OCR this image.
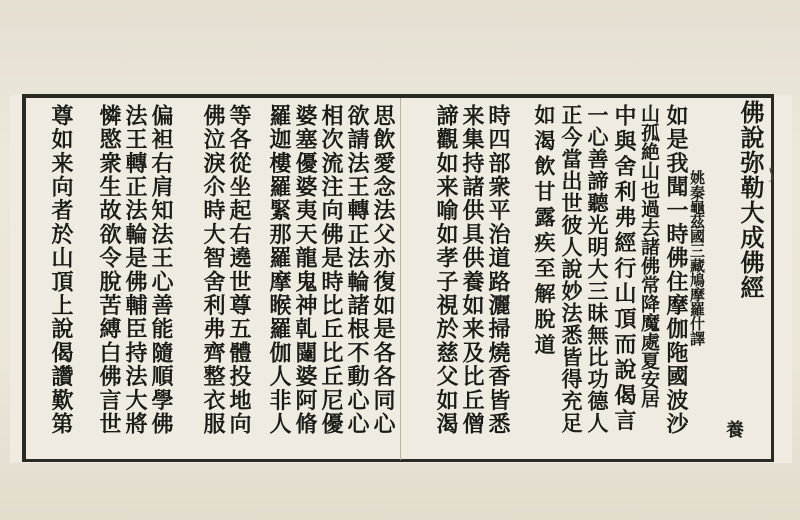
佛說弥勒大成佛經
姚秦龜茲國三藏鳩摩羅什譯
養
⟆
如是我聞一時佛住摩伽陁國波沙
山孤絶山也過去諸佛常降魔處夏安居
中與舍利弗經行山頂而說偈言
一心善諦聽光明大三昧無比功德人
正今當出世彼人說妙法悉皆得充足
如渴飲甘露疾至解脫道
時四部衆平治道路灑掃燒香皆悉
来集持諸供具供養如来及比丘僧
諦觀如来喻如孝子視於慈父如渴
思飲愛念法父亦復如是各各同心
欲請法王轉正法輪諸根不動心心
相次流注向佛是時比丘比丘尼優
婆塞優婆夷天龍鬼神乹闥婆阿脩
羅迦樓羅緊那羅摩睺羅伽人非人
等各從坐起右遶世尊五體投地向
佛泣淚尒時大智舍利弗齊整衣服
偏袒右肩知法王心善能隨順學佛
法王轉正法輪是佛輔臣持法大將
憐愍衆生故欲令脫苦縛白佛言世
尊如来向者於山頂上說偈讚歎第
